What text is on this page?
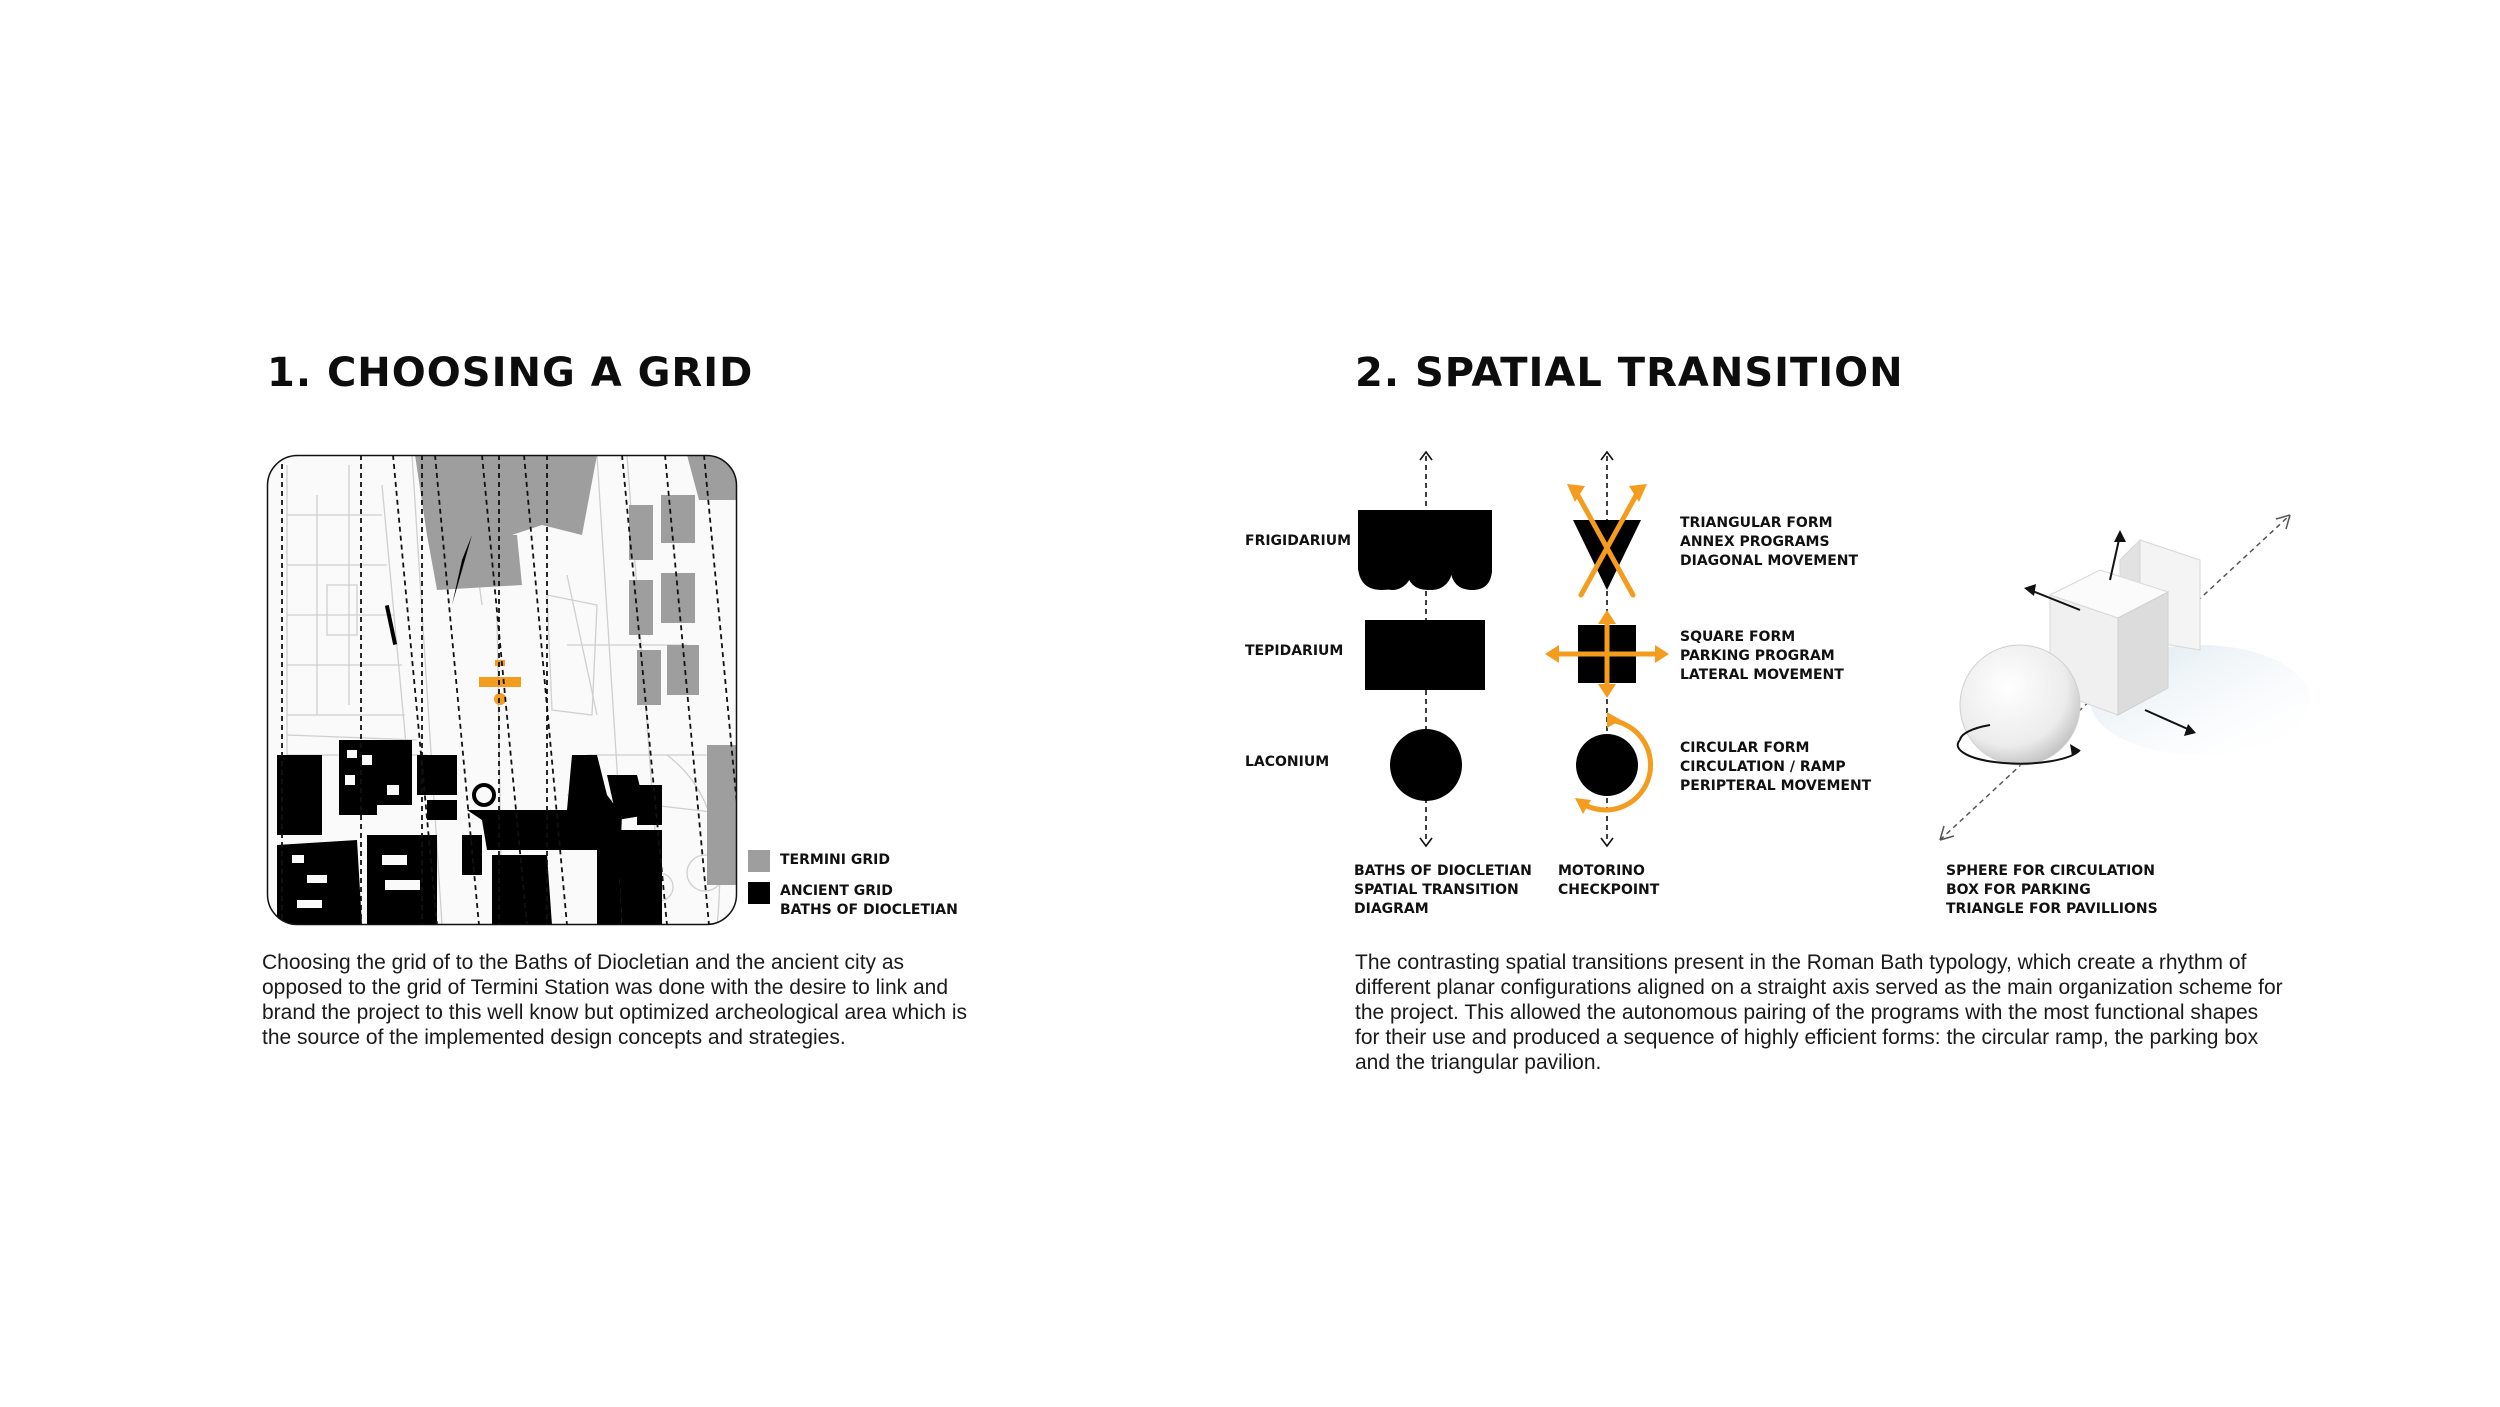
1. CHOOSING A GRID
TERMINI GRID
ANCIENT GRID
BATHS OF DIOCLETIAN

Choosing the grid of to the Baths of Diocletian and the ancient city as opposed to the grid of Termini Station was done with the desire to link and brand the project to this well know but optimized archeological area which is the source of the implemented design concepts and strategies.

2. SPATIAL TRANSITION
FRIGIDARIUM
TEPIDARIUM
LACONIUM
TRIANGULAR FORM
ANNEX PROGRAMS
DIAGONAL MOVEMENT
SQUARE FORM
PARKING PROGRAM
LATERAL MOVEMENT
CIRCULAR FORM
CIRCULATION / RAMP
PERIPTERAL MOVEMENT
BATHS OF DIOCLETIAN
SPATIAL TRANSITION
DIAGRAM
MOTORINO
CHECKPOINT
SPHERE FOR CIRCULATION
BOX FOR PARKING
TRIANGLE FOR PAVILLIONS

The contrasting spatial transitions present in the Roman Bath typology, which create a rhythm of different planar configurations aligned on a straight axis served as the main organization scheme for the project. This allowed the autonomous pairing of the programs with the most functional shapes for their use and produced a sequence of highly efficient forms: the circular ramp, the parking box and the triangular pavilion.
